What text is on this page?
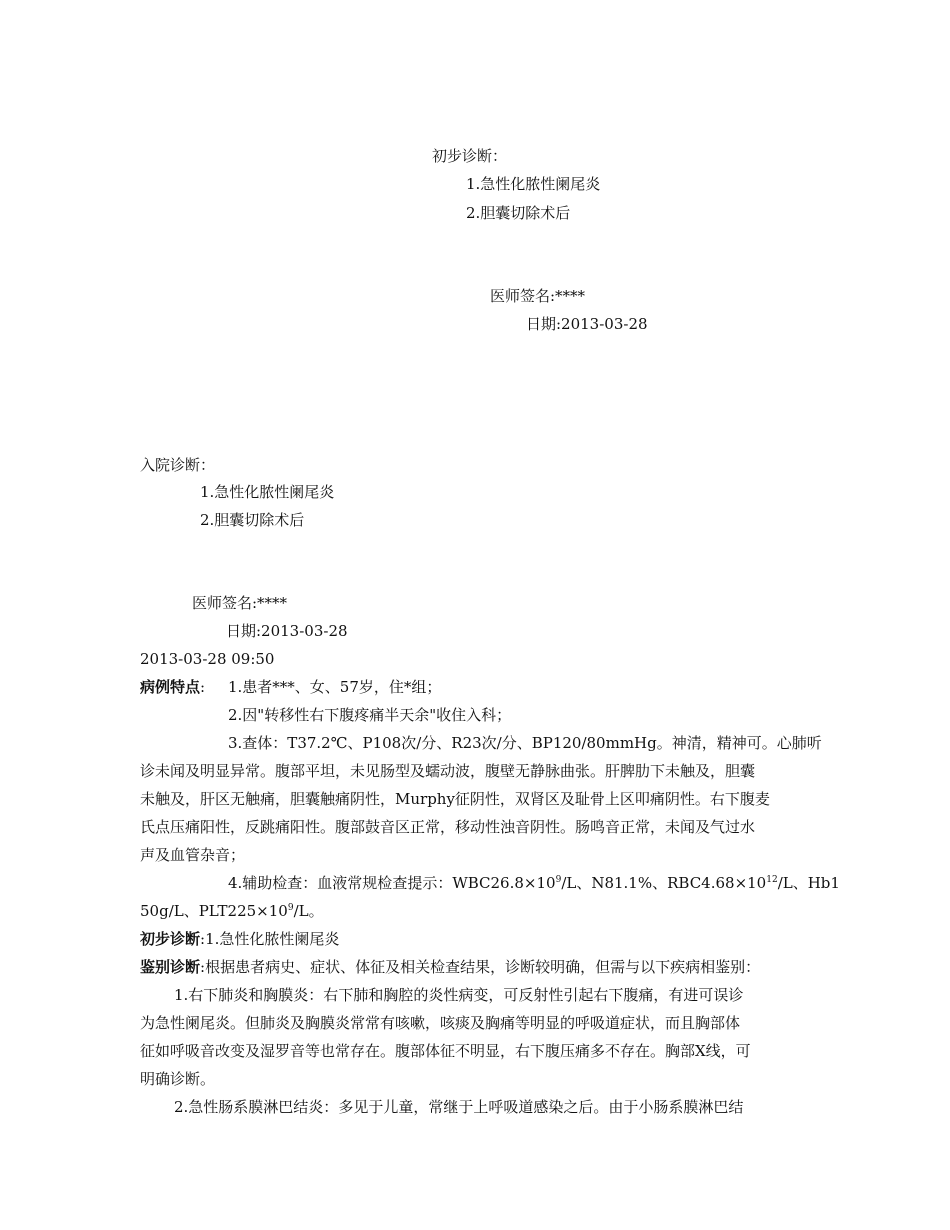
初步诊断：
1.急性化脓性阑尾炎
2.胆囊切除术后
医师签名:****
日期:2013-03-28
入院诊断：
1.急性化脓性阑尾炎
2.胆囊切除术后
医师签名:****
日期:2013-03-28
2013-03-28 09:50
病例特点: 1.患者***、女、57岁，住*组；
2.因"转移性右下腹疼痛半天余"收住入科；
3.查体：T37.2℃、P108次/分、R23次/分、BP120/80mmHg。神清，精神可。心肺听
诊未闻及明显异常。腹部平坦，未见肠型及蠕动波，腹壁无静脉曲张。肝脾肋下未触及，胆囊
未触及，肝区无触痛，胆囊触痛阴性，Murphy征阴性，双肾区及耻骨上区叩痛阴性。右下腹麦
氏点压痛阳性，反跳痛阳性。腹部鼓音区正常，移动性浊音阴性。肠鸣音正常，未闻及气过水
声及血管杂音；
4.辅助检查：血液常规检查提示：$WBC26.8\times 10^9/L$、N81.1%、$RBC4.68\times 10^{12}/L$、Hb1
50g/L、$PLT225\times 10^9/L$。
初步诊断:1.急性化脓性阑尾炎
鉴别诊断:根据患者病史、症状、体征及相关检查结果，诊断较明确，但需与以下疾病相鉴别：
1.右下肺炎和胸膜炎：右下肺和胸腔的炎性病变，可反射性引起右下腹痛，有进可误诊
为急性阑尾炎。但肺炎及胸膜炎常常有咳嗽，咳痰及胸痛等明显的呼吸道症状，而且胸部体
征如呼吸音改变及湿罗音等也常存在。腹部体征不明显，右下腹压痛多不存在。胸部X线，可
明确诊断。
2.急性肠系膜淋巴结炎：多见于儿童，常继于上呼吸道感染之后。由于小肠系膜淋巴结
